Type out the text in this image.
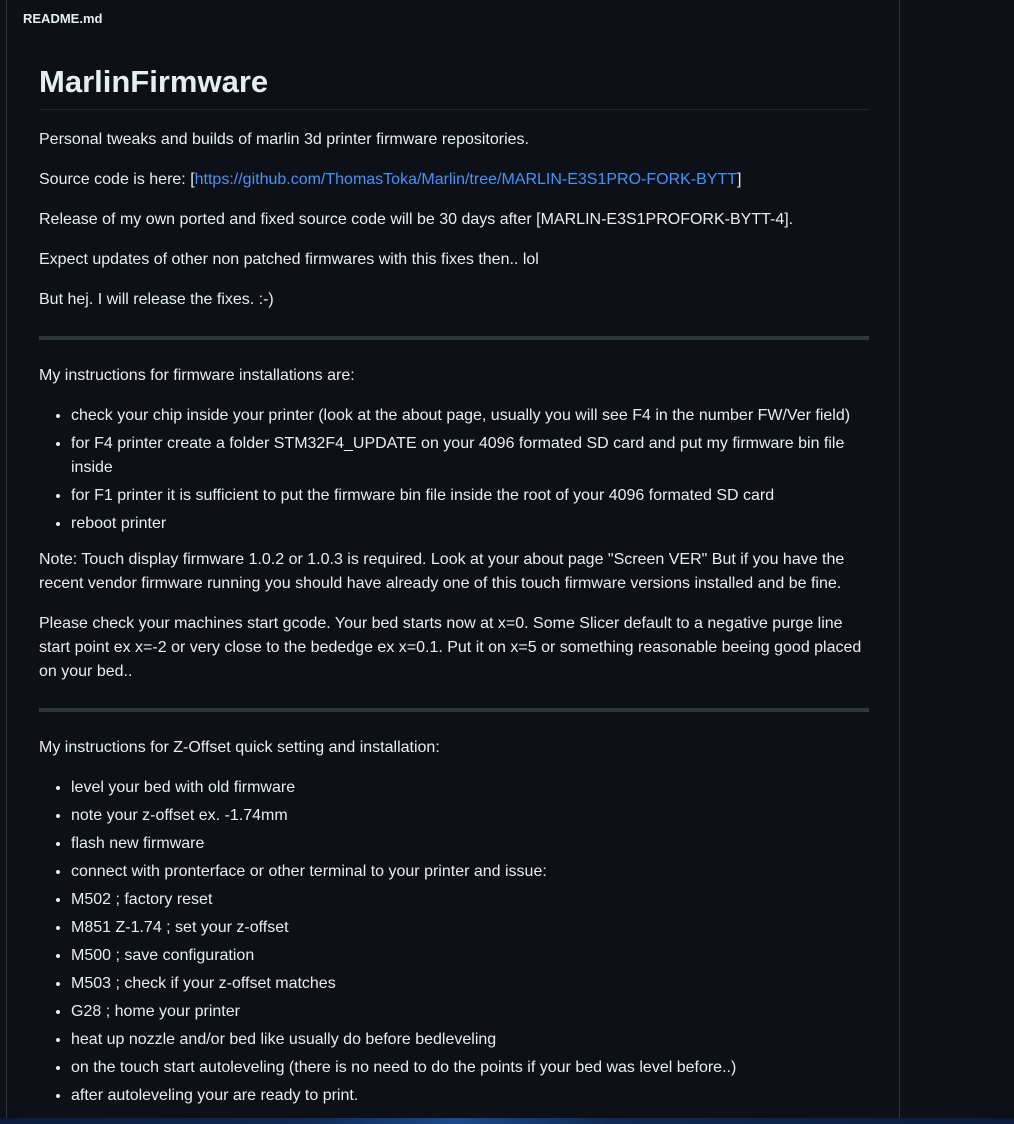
README.md
MarlinFirmware

Personal tweaks and builds of marlin 3d printer firmware repositories.

Source code is here: [https://github.com/ThomasToka/Marlin/tree/MARLIN-E3S1PRO-FORK-BYTT]

Release of my own ported and fixed source code will be 30 days after [MARLIN-E3S1PROFORK-BYTT-4].

Expect updates of other non patched firmwares with this fixes then.. lol

But hej. I will release the fixes. :-)

My instructions for firmware installations are:

• check your chip inside your printer (look at the about page, usually you will see F4 in the number FW/Ver field)
• for F4 printer create a folder STM32F4_UPDATE on your 4096 formated SD card and put my firmware bin file inside
• for F1 printer it is sufficient to put the firmware bin file inside the root of your 4096 formated SD card
• reboot printer

Note: Touch display firmware 1.0.2 or 1.0.3 is required. Look at your about page "Screen VER" But if you have the recent vendor firmware running you should have already one of this touch firmware versions installed and be fine.

Please check your machines start gcode. Your bed starts now at x=0. Some Slicer default to a negative purge line start point ex x=-2 or very close to the bededge ex x=0.1. Put it on x=5 or something reasonable beeing good placed on your bed..

My instructions for Z-Offset quick setting and installation:

• level your bed with old firmware
• note your z-offset ex. -1.74mm
• flash new firmware
• connect with pronterface or other terminal to your printer and issue:
• M502 ; factory reset
• M851 Z-1.74 ; set your z-offset
• M500 ; save configuration
• M503 ; check if your z-offset matches
• G28 ; home your printer
• heat up nozzle and/or bed like usually do before bedleveling
• on the touch start autoleveling (there is no need to do the points if your bed was level before..)
• after autoleveling your are ready to print.
